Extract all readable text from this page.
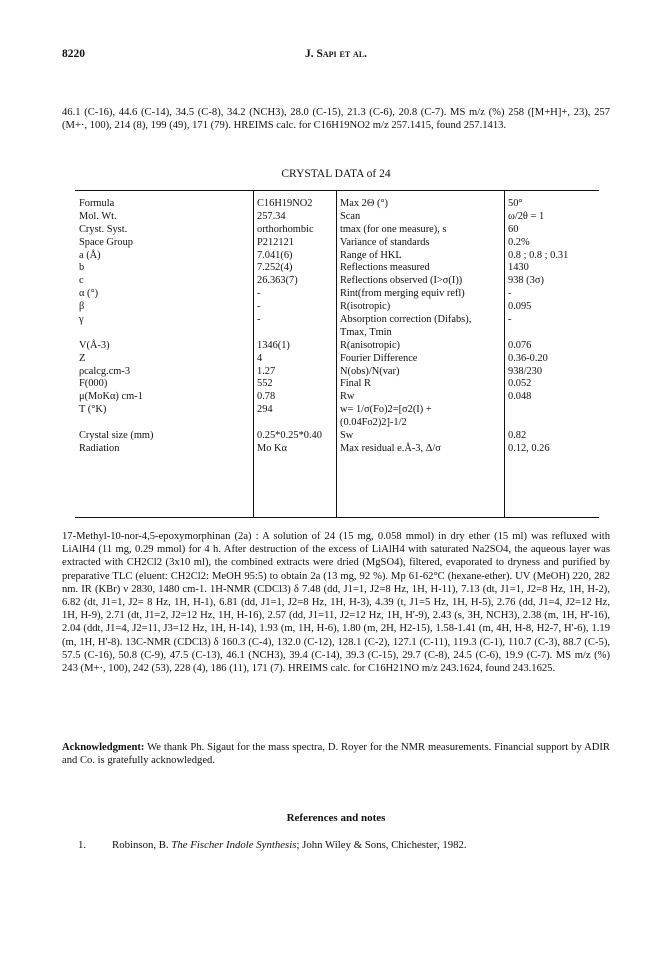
8220	J. Sapi et al.
46.1 (C-16), 44.6 (C-14), 34.5 (C-8), 34.2 (NCH3), 28.0 (C-15), 21.3 (C-6), 20.8 (C-7). MS m/z (%) 258 ([M+H]+, 23), 257 (M+·, 100), 214 (8), 199 (49), 171 (79). HREIMS calc. for C16H19NO2 m/z 257.1415, found 257.1413.
CRYSTAL DATA of 24
Formula
Mol. Wt.
Cryst. Syst.
Space Group
a (Å)
b
c
α (°)
β
γ
V(Å-3)
Z
ρcalcg.cm-3
F(000)
μ(MoKα) cm-1
T (°K)
Crystal size (mm)
Radiation
C16H19NO2
257.34
orthorhombic
P212121
7.041(6)
7.252(4)
26.363(7)
-
-
-
1346(1)
4
1.27
552
0.78
294
0.25*0.25*0.40
Mo Kα
Max 2Θ (°)
Scan
tmax (for one measure), s
Variance of standards
Range of HKL
Reflections measured
Reflections observed (I>σ(I))
Rint(from merging equiv refl)
R(isotropic)
Absorption correction (Difabs),
Tmax, Tmin
R(anisotropic)
Fourier Difference
N(obs)/N(var)
Final R
Rw
w= 1/σ(Fo)2=[σ2(I) +
(0.04Fo2)2]-1/2
Sw
Max residual e.Å-3, Δ/σ
50°
ω/2θ = 1
60
0.2%
0.8 ; 0.8 ; 0.31
1430
938 (3σ)
-
0.095
-
0.076
0.36-0.20
938/230
0.052
0.048
0.82
0.12, 0.26
17-Methyl-10-nor-4,5-epoxymorphinan (2a) : A solution of 24 (15 mg, 0.058 mmol) in dry ether (15 ml) was refluxed with LiAlH4 (11 mg, 0.29 mmol) for 4 h. After destruction of the excess of LiAlH4 with saturated Na2SO4, the aqueous layer was extracted with CH2Cl2 (3x10 ml), the combined extracts were dried (MgSO4), filtered, evaporated to dryness and purified by preparative TLC (eluent: CH2Cl2: MeOH 95:5) to obtain 2a (13 mg, 92 %). Mp 61-62°C (hexane-ether). UV (MeOH) 220, 282 nm. IR (KBr) ν 2830, 1480 cm-1. 1H-NMR (CDCl3) δ 7.48 (dd, J1=1, J2=8 Hz, 1H, H-11), 7.13 (dt, J1=1, J2=8 Hz, 1H, H-2), 6.82 (dt, J1=1, J2= 8 Hz, 1H, H-1), 6.81 (dd, J1=1, J2=8 Hz, 1H, H-3), 4.39 (t, J1=5 Hz, 1H, H-5), 2.76 (dd, J1=4, J2=12 Hz, 1H, H-9), 2.71 (dt, J1=2, J2=12 Hz, 1H, H-16), 2.57 (dd, J1=11, J2=12 Hz, 1H, H'-9), 2.43 (s, 3H, NCH3), 2.38 (m, 1H, H'-16), 2.04 (ddt, J1=4, J2=11, J3=12 Hz, 1H, H-14), 1.93 (m, 1H, H-6), 1.80 (m, 2H, H2-15), 1.58-1.41 (m, 4H, H-8, H2-7, H'-6), 1.19 (m, 1H, H'-8). 13C-NMR (CDCl3) δ 160.3 (C-4), 132.0 (C-12), 128.1 (C-2), 127.1 (C-11), 119.3 (C-1), 110.7 (C-3), 88.7 (C-5), 57.5 (C-16), 50.8 (C-9), 47.5 (C-13), 46.1 (NCH3), 39.4 (C-14), 39.3 (C-15), 29.7 (C-8), 24.5 (C-6), 19.9 (C-7). MS m/z (%) 243 (M+·, 100), 242 (53), 228 (4), 186 (11), 171 (7). HREIMS calc. for C16H21NO m/z 243.1624, found 243.1625.
Acknowledgment: We thank Ph. Sigaut for the mass spectra, D. Royer for the NMR measurements. Financial support by ADIR and Co. is gratefully acknowledged.
References and notes
1. Robinson, B. The Fischer Indole Synthesis; John Wiley & Sons, Chichester, 1982.
